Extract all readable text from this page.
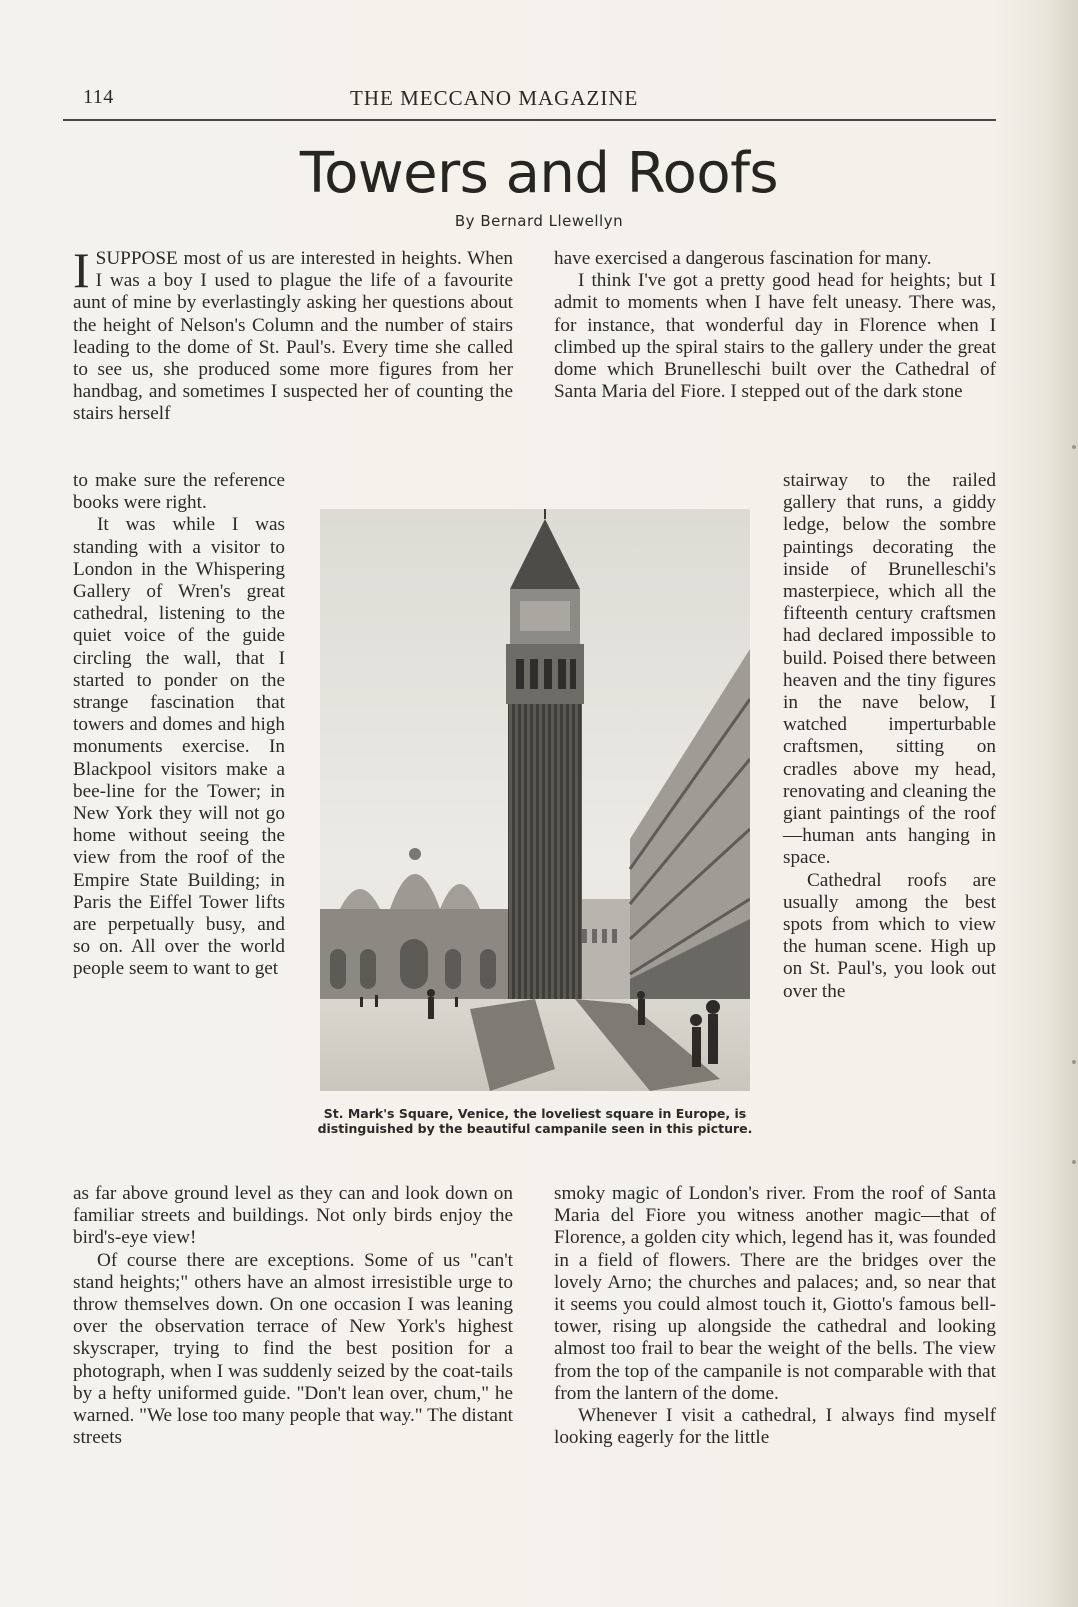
114	THE MECCANO MAGAZINE
Towers and Roofs
By Bernard Llewellyn

I SUPPOSE most of us are interested in heights. When I was a boy I used to plague the life of a favourite aunt of mine by everlastingly asking her questions about the height of Nelson's Column and the number of stairs leading to the dome of St. Paul's. Every time she called to see us, she produced some more figures from her handbag, and sometimes I suspected her of counting the stairs herself

to make sure the reference books were right.

It was while I was standing with a visitor to London in the Whispering Gallery of Wren's great cathedral, listening to the quiet voice of the guide circling the wall, that I started to ponder on the strange fascination that towers and domes and high monuments exercise. In Blackpool visitors make a bee-line for the Tower; in New York they will not go home without seeing the view from the roof of the Empire State Building; in Paris the Eiffel Tower lifts are perpetually busy, and so on. All over the world people seem to want to get

as far above ground level as they can and look down on familiar streets and buildings. Not only birds enjoy the bird's-eye view!

Of course there are exceptions. Some of us "can't stand heights;" others have an almost irresistible urge to throw themselves down. On one occasion I was leaning over the observation terrace of New York's highest skyscraper, trying to find the best position for a photograph, when I was suddenly seized by the coat-tails by a hefty uniformed guide. "Don't lean over, chum," he warned. "We lose too many people that way." The distant streets

have exercised a dangerous fascination for many.

I think I've got a pretty good head for heights; but I admit to moments when I have felt uneasy. There was, for instance, that wonderful day in Florence when I climbed up the spiral stairs to the gallery under the great dome which Brunelleschi built over the Cathedral of Santa Maria del Fiore. I stepped out of the dark stone

stairway to the railed gallery that runs, a giddy ledge, below the sombre paintings decorating the inside of Brunelleschi's masterpiece, which all the fifteenth century craftsmen had declared impossible to build. Poised there between heaven and the tiny figures in the nave below, I watched imperturbable craftsmen, sitting on cradles above my head, renovating and cleaning the giant paintings of the roof—human ants hanging in space.

Cathedral roofs are usually among the best spots from which to view the human scene. High up on St. Paul's, you look out over the

smoky magic of London's river. From the roof of Santa Maria del Fiore you witness another magic—that of Florence, a golden city which, legend has it, was founded in a field of flowers. There are the bridges over the lovely Arno; the churches and palaces; and, so near that it seems you could almost touch it, Giotto's famous bell-tower, rising up alongside the cathedral and looking almost too frail to bear the weight of the bells. The view from the top of the campanile is not comparable with that from the lantern of the dome.

Whenever I visit a cathedral, I always find myself looking eagerly for the little

St. Mark's Square, Venice, the loveliest square in Europe, is distinguished by the beautiful campanile seen in this picture.
